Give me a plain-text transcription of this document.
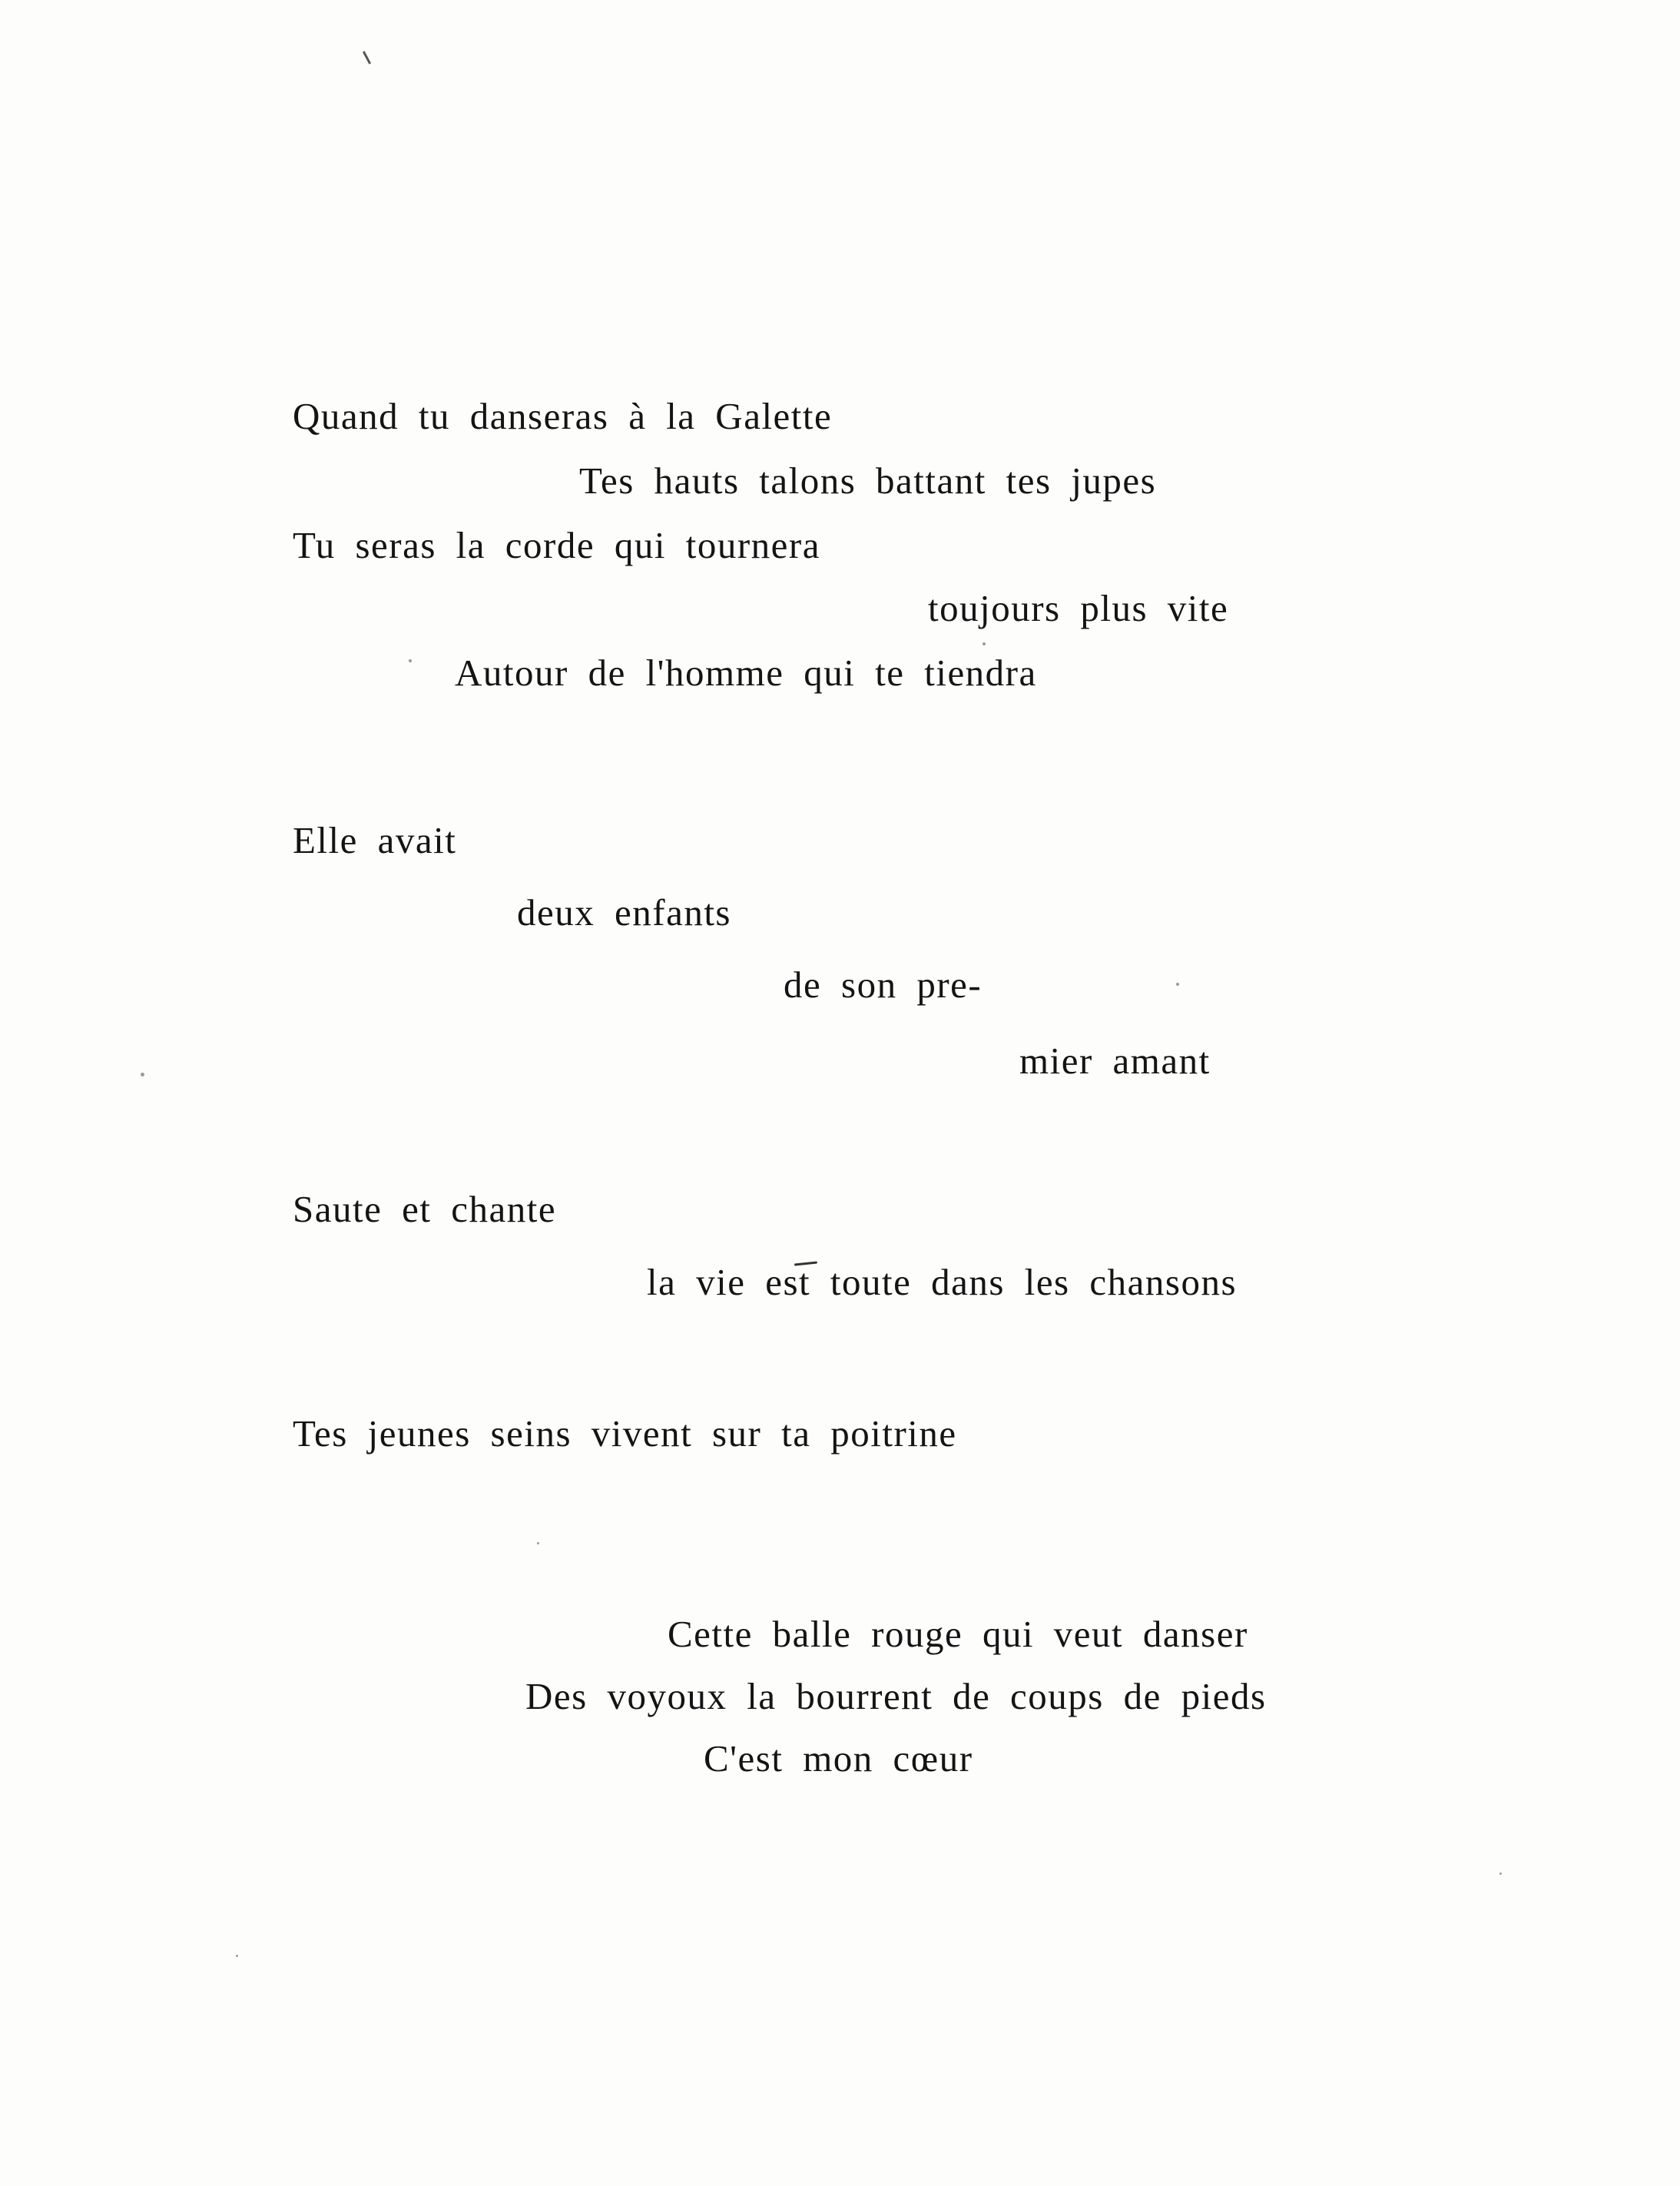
Quand tu danseras à la Galette
Tes hauts talons battant tes jupes
Tu seras la corde qui tournera
toujours plus vite
Autour de l'homme qui te tiendra
Elle avait
deux enfants
de son pre-
mier amant
Saute et chante
la vie est toute dans les chansons
Tes jeunes seins vivent sur ta poitrine
Cette balle rouge qui veut danser
Des voyoux la bourrent de coups de pieds
C'est mon cœur
